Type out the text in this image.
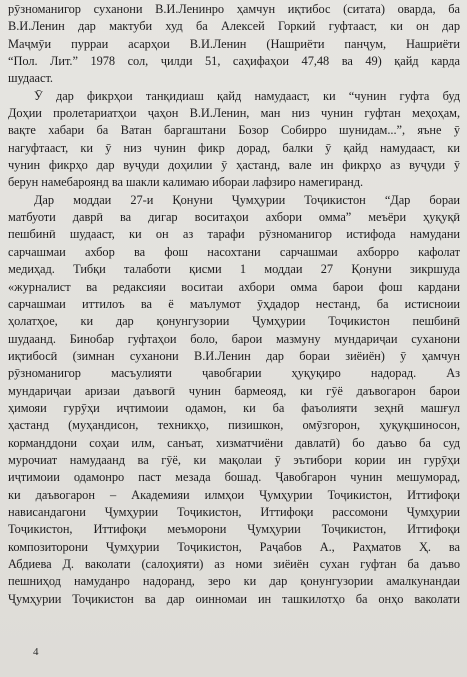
рӯзноманигор суханони В.И.Ленинро ҳамчун иқтибос (ситата) оварда, ба
В.И.Ленин дар мактуби худ ба Алексей Горкий гуфтааст, ки он дар
Маҷмӯи пурраи асарҳои В.И.Ленин (Нашриёти панҷум, Нашриёти
“Пол. Лит.” 1978 сол, ҷилди 51, саҳифаҳои 47,48 ва 49) қайд карда
шудааст.
Ӯ дар фикрҳои танқидиаш қайд намудааст, ки “чунин гуфта буд
Доҳии пролетариатҳои ҷаҳон В.И.Ленин, ман низ чунин гуфтан меҳоҳам,
вақте хабари ба Ватан баргаштани Бозор Собирро шунидам...”, яъне ӯ
нагуфтааст, ки ӯ низ чунин фикр дорад, балки ӯ қайд намудааст, ки
чунин фикрҳо дар вуҷуди доҳилии ӯ ҳастанд, вале ин фикрҳо аз вуҷуди ӯ
берун намебароянд ва шакли калимаю ибораи лафзиро намегиранд.
Дар моддаи 27-и Қонуни Ҷумҳурии Тоҷикистон “Дар бораи
матбуоти даврӣ ва дигар воситаҳои ахбори омма” меъёри ҳуқуқӣ
пешбинӣ шудааст, ки он аз тарафи рӯзноманигор истифода намудани
сарчашмаи ахбор ва фош насохтани сарчашмаи ахборро кафолат
медиҳад. Тибқи талаботи қисми 1 моддаи 27 Қонуни зикршуда
«журналист ва редаксияи воситаи ахбори омма барои фош кардани
сарчашмаи иттилоъ ва ё маълумот ӯҳдадор нестанд, ба истисноии
ҳолатҳое, ки дар қонунгузории Ҷумҳурии Тоҷикистон пешбинӣ
шудаанд. Бинобар гуфтаҳои боло, барои мазмуну мундариҷаи суханони
иқтибосӣ (зимнан суханони В.И.Ленин дар бораи зиёиён) ӯ ҳамчун
рӯзноманигор масъулияти ҷавобгарии ҳуқуқиро надорад. Аз
мундариҷаи аризаи даъвогӣ чунин бармеояд, ки гӯё даъвогарон барои
ҳимояи гурӯҳи иҷтимоии одамон, ки ба фаъолияти зеҳнӣ машғул
ҳастанд (муҳандисон, техникҳо, пизишкон, омӯзгорон, ҳуқуқшиносон,
корманддони соҳаи илм, санъат, хизматчиёни давлатӣ) бо даъво ба суд
мурочиат намудаанд ва гӯё, ки мақолаи ӯ эътибори кории ин гурӯҳи
иҷтимоии одамонро паст мезада бошад. Ҷавобгарон чунин мешуморад,
ки даъвогарон – Академияи илмҳои Ҷумҳурии Тоҷикистон, Иттифоқи
нависандагони Ҷумҳурии Тоҷикистон, Иттифоқи рассомони Ҷумҳурии
Тоҷикистон, Иттифоқи меъморони Ҷумҳурии Тоҷикистон, Иттифоқи
композиторони Ҷумҳурии Тоҷикистон, Раҷабов А., Раҳматов Ҳ. ва
Абдиева Д. ваколати (салоҳияти) аз номи зиёиён сухан гуфтан ба даъво
пешниҳод намуданро надоранд, зеро ки дар қонунгузории амалкунандаи
Ҷумҳурии Тоҷикистон ва дар оинномаи ин ташкилотҳо ба онҳо ваколати
4
